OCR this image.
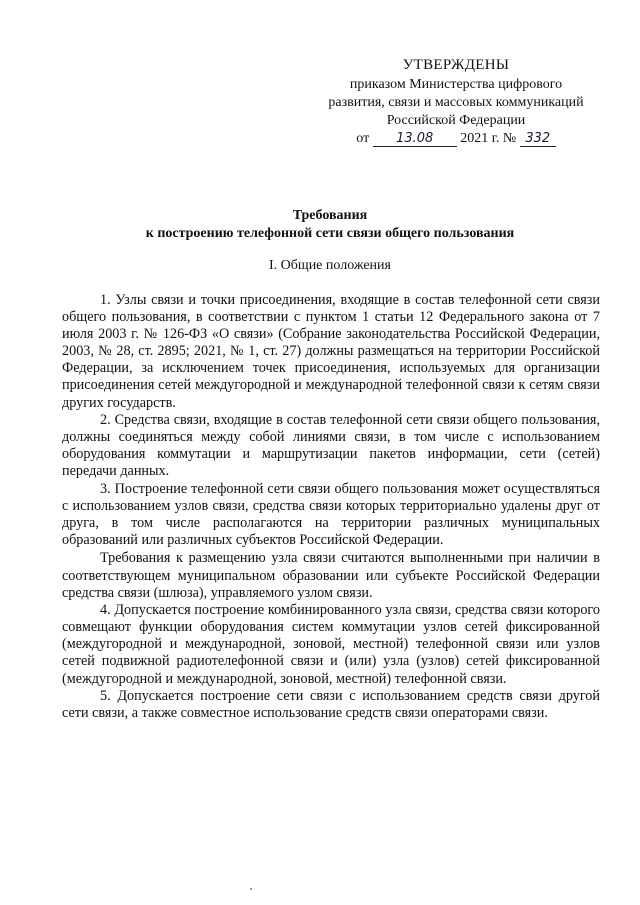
УТВЕРЖДЕНЫ
приказом Министерства цифрового
развития, связи и массовых коммуникаций
Российской Федерации
от 13.08 2021 г. № 332
Требования
к построению телефонной сети связи общего пользования
I. Общие положения

1. Узлы связи и точки присоединения, входящие в состав телефонной сети связи общего пользования, в соответствии с пунктом 1 статьи 12 Федерального закона от 7 июля 2003 г. № 126-ФЗ «О связи» (Собрание законодательства Российской Федерации, 2003, № 28, ст. 2895; 2021, № 1, ст. 27) должны размещаться на территории Российской Федерации, за исключением точек присоединения, используемых для организации присоединения сетей междугородной и международной телефонной связи к сетям связи других государств.

2. Средства связи, входящие в состав телефонной сети связи общего пользования, должны соединяться между собой линиями связи, в том числе с использованием оборудования коммутации и маршрутизации пакетов информации, сети (сетей) передачи данных.

3. Построение телефонной сети связи общего пользования может осуществляться с использованием узлов связи, средства связи которых территориально удалены друг от друга, в том числе располагаются на территории различных муниципальных образований или различных субъектов Российской Федерации.

Требования к размещению узла связи считаются выполненными при наличии в соответствующем муниципальном образовании или субъекте Российской Федерации средства связи (шлюза), управляемого узлом связи.

4. Допускается построение комбинированного узла связи, средства связи которого совмещают функции оборудования систем коммутации узлов сетей фиксированной (междугородной и международной, зоновой, местной) телефонной связи или узлов сетей подвижной радиотелефонной связи и (или) узла (узлов) сетей фиксированной (междугородной и международной, зоновой, местной) телефонной связи.

5. Допускается построение сети связи с использованием средств связи другой сети связи, а также совместное использование средств связи операторами связи.
